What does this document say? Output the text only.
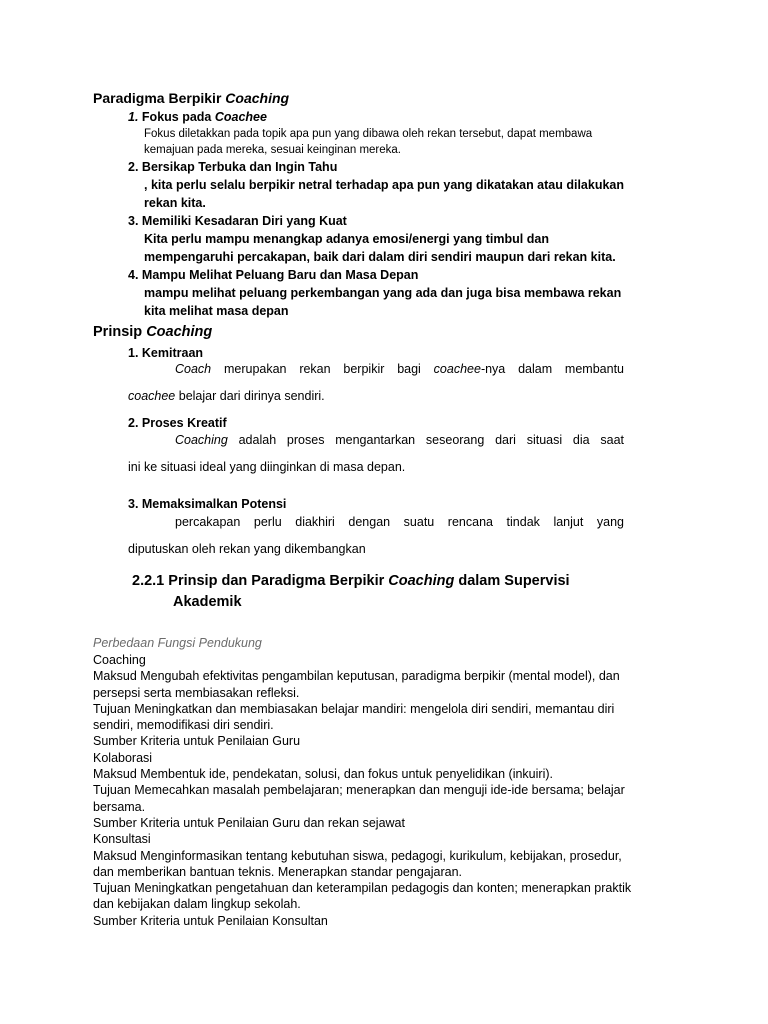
Paradigma Berpikir Coaching
1. Fokus pada Coachee
Fokus diletakkan pada topik apa pun yang dibawa oleh rekan tersebut, dapat membawa
kemajuan pada mereka, sesuai keinginan mereka.
2. Bersikap Terbuka dan Ingin Tahu
, kita perlu selalu berpikir netral terhadap apa pun yang dikatakan atau dilakukan
rekan kita.
3. Memiliki Kesadaran Diri yang Kuat
Kita perlu mampu menangkap adanya emosi/energi yang timbul dan
mempengaruhi percakapan, baik dari dalam diri sendiri maupun dari rekan kita.
4. Mampu Melihat Peluang Baru dan Masa Depan
mampu melihat peluang perkembangan yang ada dan juga bisa membawa rekan
kita melihat masa depan
Prinsip Coaching
1. Kemitraan
Coach merupakan rekan berpikir bagi coachee-nya dalam membantu
coachee belajar dari dirinya sendiri.
2. Proses Kreatif
Coaching adalah proses mengantarkan seseorang dari situasi dia saat
ini ke situasi ideal yang diinginkan di masa depan.
3. Memaksimalkan Potensi
percakapan perlu diakhiri dengan suatu rencana tindak lanjut yang
diputuskan oleh rekan yang dikembangkan
2.2.1 Prinsip dan Paradigma Berpikir Coaching dalam Supervisi
Akademik
Perbedaan Fungsi Pendukung
Coaching
Maksud Mengubah efektivitas pengambilan keputusan, paradigma berpikir (mental model), dan
persepsi serta membiasakan refleksi.
Tujuan Meningkatkan dan membiasakan belajar mandiri: mengelola diri sendiri, memantau diri
sendiri, memodifikasi diri sendiri.
Sumber Kriteria untuk Penilaian Guru
Kolaborasi
Maksud Membentuk ide, pendekatan, solusi, dan fokus untuk penyelidikan (inkuiri).
Tujuan Memecahkan masalah pembelajaran; menerapkan dan menguji ide-ide bersama; belajar
bersama.
Sumber Kriteria untuk Penilaian Guru dan rekan sejawat
Konsultasi
Maksud Menginformasikan tentang kebutuhan siswa, pedagogi, kurikulum, kebijakan, prosedur,
dan memberikan bantuan teknis. Menerapkan standar pengajaran.
Tujuan Meningkatkan pengetahuan dan keterampilan pedagogis dan konten; menerapkan praktik
dan kebijakan dalam lingkup sekolah.
Sumber Kriteria untuk Penilaian Konsultan
